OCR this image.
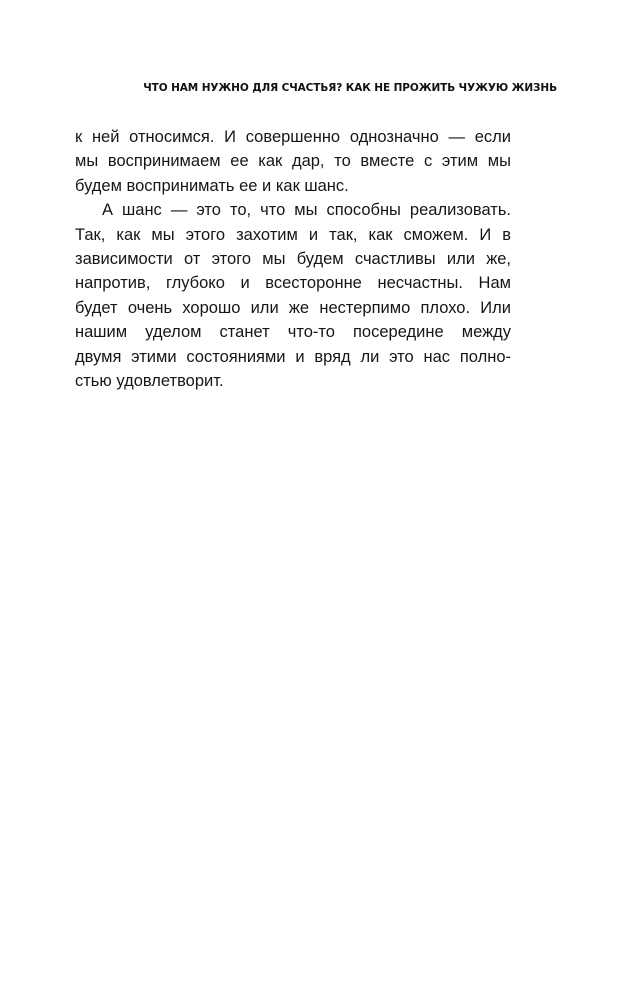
ЧТО НАМ НУЖНО ДЛЯ СЧАСТЬЯ? КАК НЕ ПРОЖИТЬ ЧУЖУЮ ЖИЗНЬ
к ней относимся. И совершенно однозначно — если
мы воспринимаем ее как дар, то вместе с этим мы
будем воспринимать ее и как шанс.
А шанс — это то, что мы способны реализовать.
Так, как мы этого захотим и так, как сможем. И в
зависимости от этого мы будем счастливы или же,
напротив, глубоко и всесторонне несчастны. Нам
будет очень хорошо или же нестерпимо плохо. Или
нашим уделом станет что-то посередине между
двумя этими состояниями и вряд ли это нас полно-
стью удовлетворит.
